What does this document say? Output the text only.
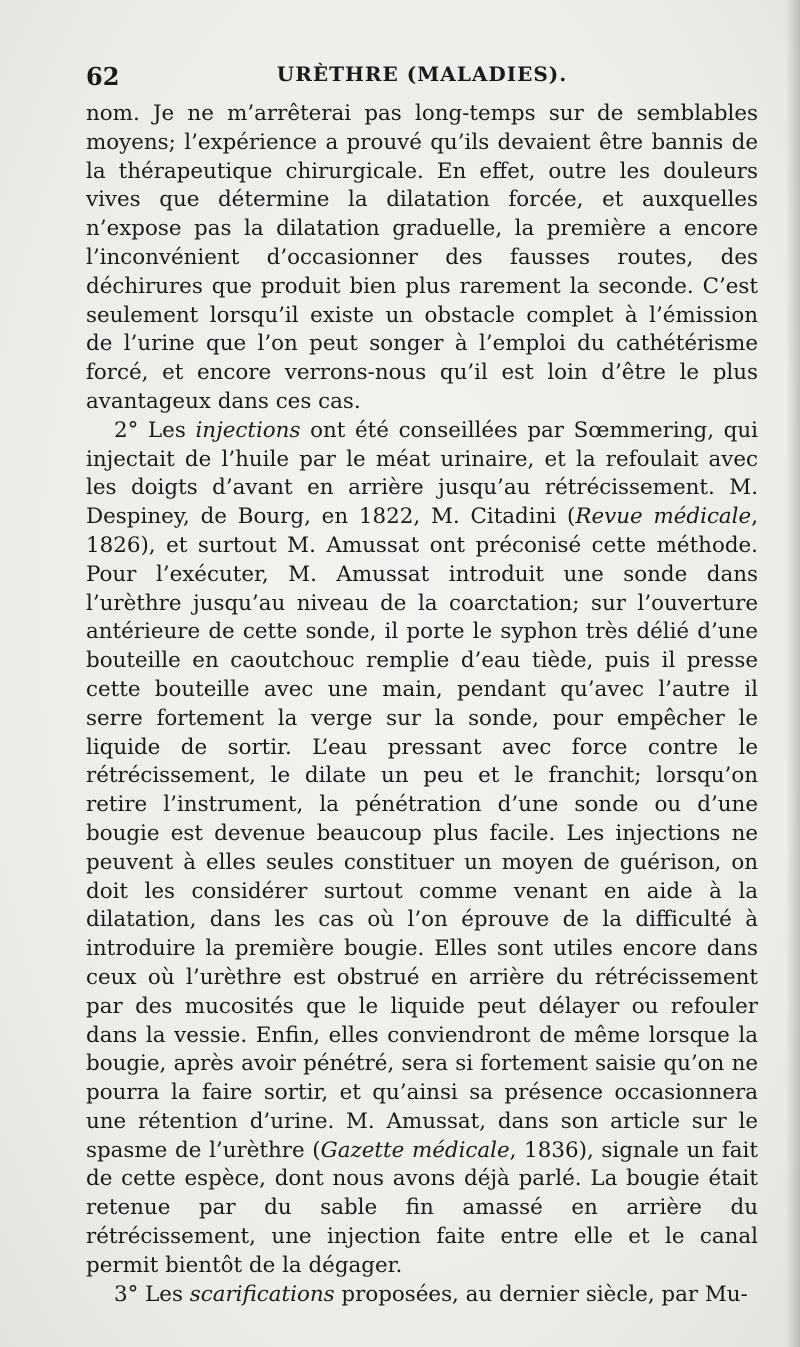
62	URÈTHRE (MALADIES).

nom. Je ne m’arrêterai pas long-temps sur de semblables moyens; l’expérience a prouvé qu’ils devaient être bannis de la thérapeutique chirurgicale. En effet, outre les douleurs vives que détermine la dilatation forcée, et auxquelles n’expose pas la dilatation graduelle, la première a encore l’inconvénient d’occasionner des fausses routes, des déchirures que produit bien plus rarement la seconde. C’est seulement lorsqu’il existe un obstacle complet à l’émission de l’urine que l’on peut songer à l’emploi du cathétérisme forcé, et encore verrons-nous qu’il est loin d’être le plus avantageux dans ces cas.

2° Les injections ont été conseillées par Sœmmering, qui injectait de l’huile par le méat urinaire, et la refoulait avec les doigts d’avant en arrière jusqu’au rétrécissement. M. Despiney, de Bourg, en 1822, M. Citadini (Revue médicale, 1826), et surtout M. Amussat ont préconisé cette méthode. Pour l’exécuter, M. Amussat introduit une sonde dans l’urèthre jusqu’au niveau de la coarctation; sur l’ouverture antérieure de cette sonde, il porte le syphon très délié d’une bouteille en caoutchouc remplie d’eau tiède, puis il presse cette bouteille avec une main, pendant qu’avec l’autre il serre fortement la verge sur la sonde, pour empêcher le liquide de sortir. L’eau pressant avec force contre le rétrécissement, le dilate un peu et le franchit; lorsqu’on retire l’instrument, la pénétration d’une sonde ou d’une bougie est devenue beaucoup plus facile. Les injections ne peuvent à elles seules constituer un moyen de guérison, on doit les considérer surtout comme venant en aide à la dilatation, dans les cas où l’on éprouve de la difficulté à introduire la première bougie. Elles sont utiles encore dans ceux où l’urèthre est obstrué en arrière du rétrécissement par des mucosités que le liquide peut délayer ou refouler dans la vessie. Enfin, elles conviendront de même lorsque la bougie, après avoir pénétré, sera si fortement saisie qu’on ne pourra la faire sortir, et qu’ainsi sa présence occasionnera une rétention d’urine. M. Amussat, dans son article sur le spasme de l’urèthre (Gazette médicale, 1836), signale un fait de cette espèce, dont nous avons déjà parlé. La bougie était retenue par du sable fin amassé en arrière du rétrécissement, une injection faite entre elle et le canal permit bientôt de la dégager.

3° Les scarifications proposées, au dernier siècle, par Mu-
